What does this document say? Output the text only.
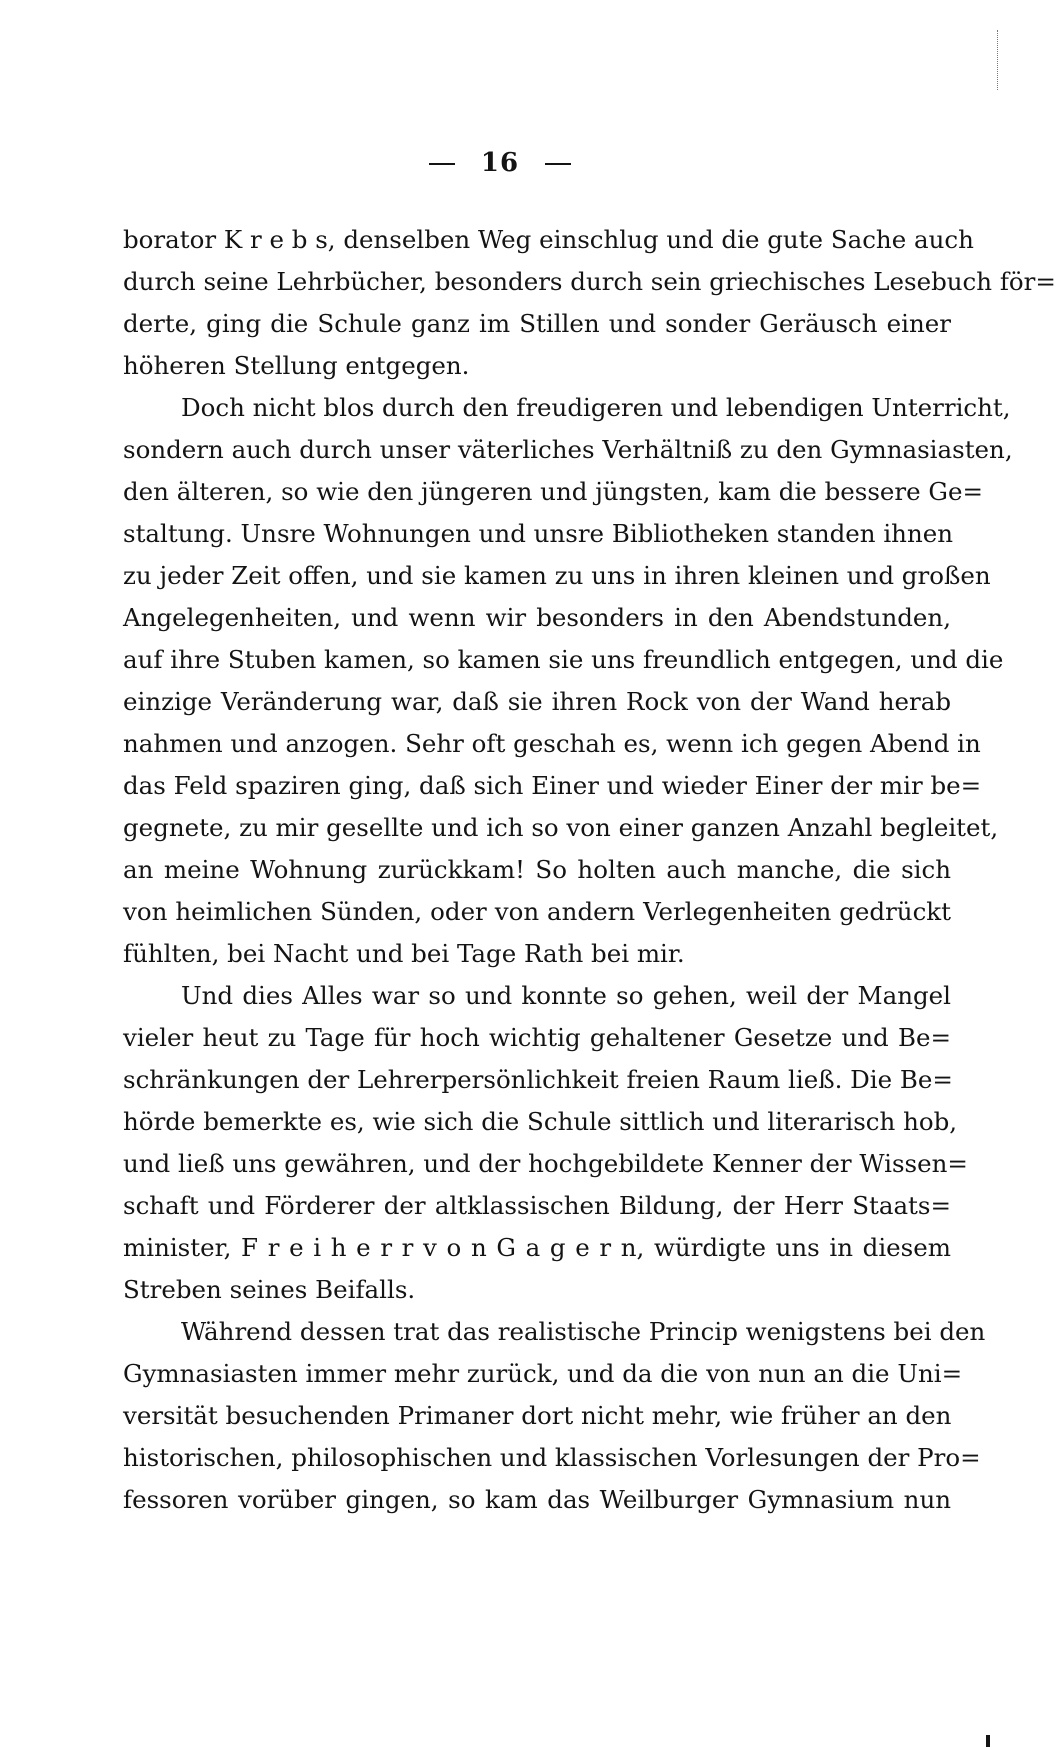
16
borator K r e b s, denselben Weg einschlug und die gute Sache auch
durch seine Lehrbücher, besonders durch sein griechisches Lesebuch för=
derte, ging die Schule ganz im Stillen und sonder Geräusch einer
höheren Stellung entgegen.
Doch nicht blos durch den freudigeren und lebendigen Unterricht,
sondern auch durch unser väterliches Verhältniß zu den Gymnasiasten,
den älteren, so wie den jüngeren und jüngsten, kam die bessere Ge=
staltung. Unsre Wohnungen und unsre Bibliotheken standen ihnen
zu jeder Zeit offen, und sie kamen zu uns in ihren kleinen und großen
Angelegenheiten, und wenn wir besonders in den Abendstunden,
auf ihre Stuben kamen, so kamen sie uns freundlich entgegen, und die
einzige Veränderung war, daß sie ihren Rock von der Wand herab
nahmen und anzogen. Sehr oft geschah es, wenn ich gegen Abend in
das Feld spaziren ging, daß sich Einer und wieder Einer der mir be=
gegnete, zu mir gesellte und ich so von einer ganzen Anzahl begleitet,
an meine Wohnung zurückkam! So holten auch manche, die sich
von heimlichen Sünden, oder von andern Verlegenheiten gedrückt
fühlten, bei Nacht und bei Tage Rath bei mir.
Und dies Alles war so und konnte so gehen, weil der Mangel
vieler heut zu Tage für hoch wichtig gehaltener Gesetze und Be=
schränkungen der Lehrerpersönlichkeit freien Raum ließ. Die Be=
hörde bemerkte es, wie sich die Schule sittlich und literarisch hob,
und ließ uns gewähren, und der hochgebildete Kenner der Wissen=
schaft und Förderer der altklassischen Bildung, der Herr Staats=
minister, F r e i h e r r v o n G a g e r n, würdigte uns in diesem
Streben seines Beifalls.
Während dessen trat das realistische Princip wenigstens bei den
Gymnasiasten immer mehr zurück, und da die von nun an die Uni=
versität besuchenden Primaner dort nicht mehr, wie früher an den
historischen, philosophischen und klassischen Vorlesungen der Pro=
fessoren vorüber gingen, so kam das Weilburger Gymnasium nun
